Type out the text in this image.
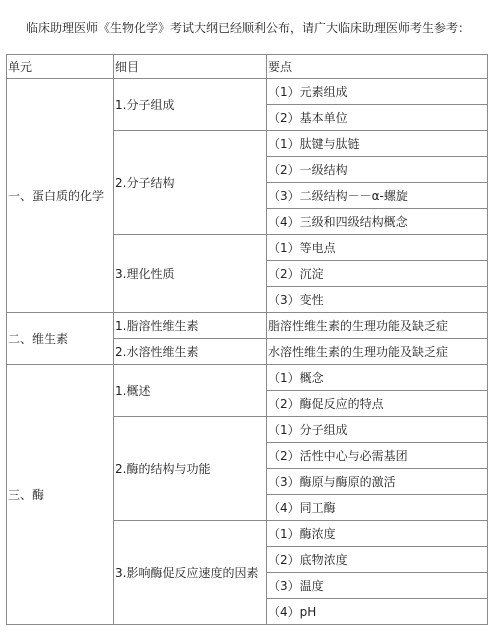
临床助理医师《生物化学》考试大纲已经顺利公布，请广大临床助理医师考生参考：

单元	细目	要点
一、蛋白质的化学	1.分子组成	（1）元素组成
		（2）基本单位
	2.分子结构	（1）肽键与肽链
		（2）一级结构
		（3）二级结构－－α-螺旋
		（4）三级和四级结构概念
	3.理化性质	（1）等电点
		（2）沉淀
		（3）变性
二、维生素	1.脂溶性维生素	脂溶性维生素的生理功能及缺乏症
	2.水溶性维生素	水溶性维生素的生理功能及缺乏症
三、酶	1.概述	（1）概念
		（2）酶促反应的特点
	2.酶的结构与功能	（1）分子组成
		（2）活性中心与必需基团
		（3）酶原与酶原的激活
		（4）同工酶
	3.影响酶促反应速度的因素	（1）酶浓度
		（2）底物浓度
		（3）温度
		（4）pH
